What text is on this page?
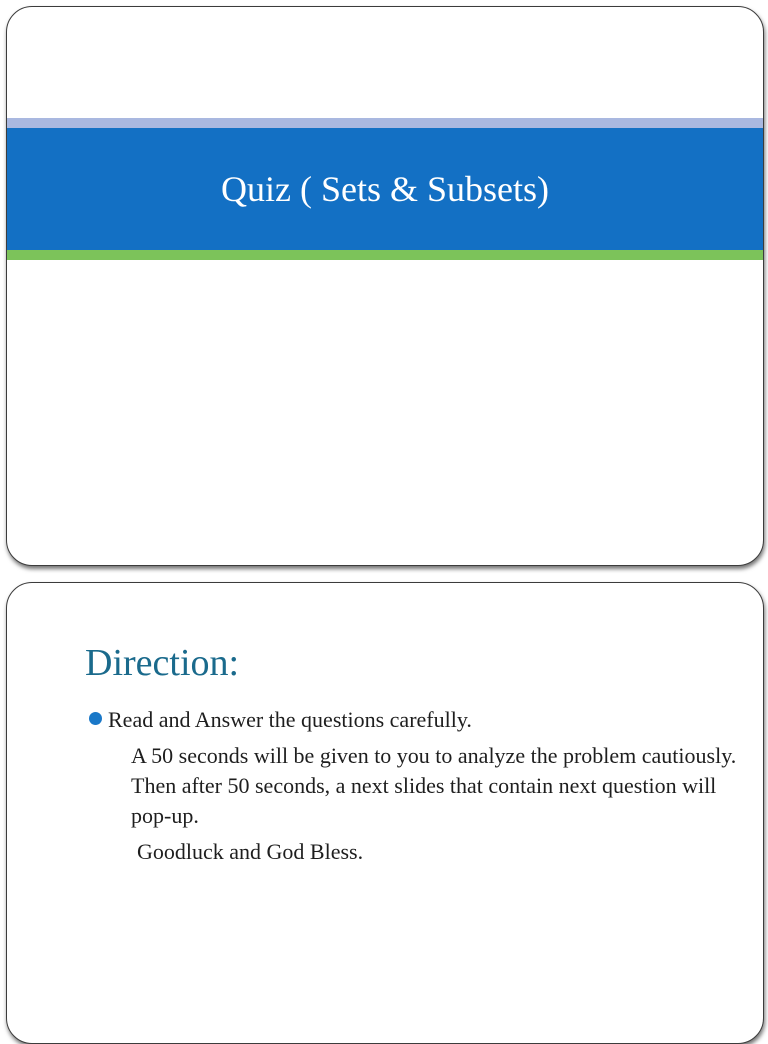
Quiz ( Sets & Subsets)
Direction:
Read and Answer the questions carefully.
A 50 seconds will be given to you to analyze the problem cautiously. Then after 50 seconds, a next slides that contain next question will pop-up.
Goodluck and God Bless.
